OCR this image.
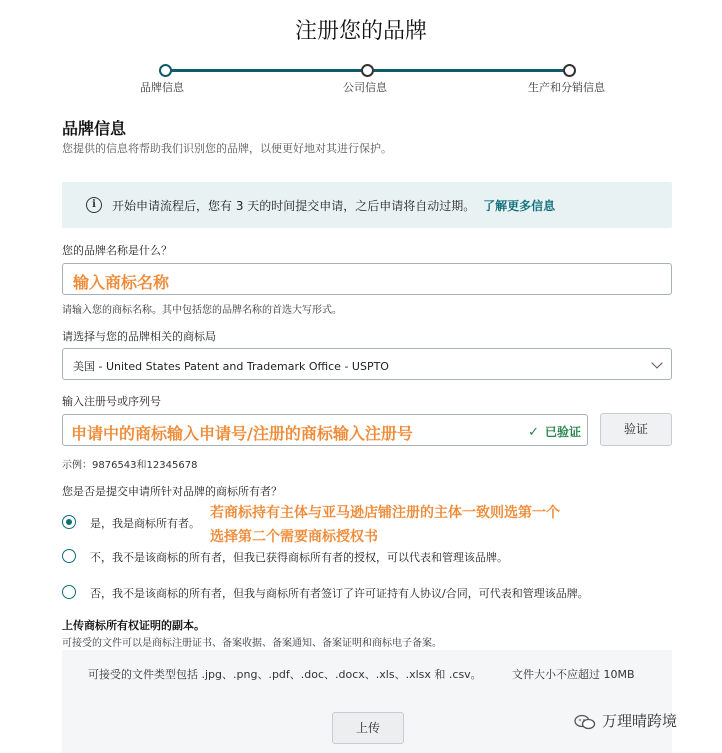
注册您的品牌
品牌信息	公司信息	生产和分销信息
品牌信息
您提供的信息将帮助我们识别您的品牌，以便更好地对其进行保护。
i	开始申请流程后，您有 3 天的时间提交申请，之后申请将自动过期。 了解更多信息
您的品牌名称是什么？
输入商标名称
请输入您的商标名称。其中包括您的品牌名称的首选大写形式。
请选择与您的品牌相关的商标局
美国 - United States Patent and Trademark Office - USPTO
输入注册号或序列号
申请中的商标输入申请号/注册的商标输入注册号	✓ 已验证	验证
示例：9876543和12345678
您是否是提交申请所针对品牌的商标所有者？
是，我是商标所有者。
若商标持有主体与亚马逊店铺注册的主体一致则选第一个
选择第二个需要商标授权书
不，我不是该商标的所有者，但我已获得商标所有者的授权，可以代表和管理该品牌。
否，我不是该商标的所有者，但我与商标所有者签订了许可证持有人协议/合同，可代表和管理该品牌。
上传商标所有权证明的副本。
可接受的文件可以是商标注册证书、备案收据、备案通知、备案证明和商标电子备案。
可接受的文件类型包括 .jpg、.png、.pdf、.doc、.docx、.xls、.xlsx 和 .csv。	文件大小不应超过 10MB
上传	万理晴跨境
